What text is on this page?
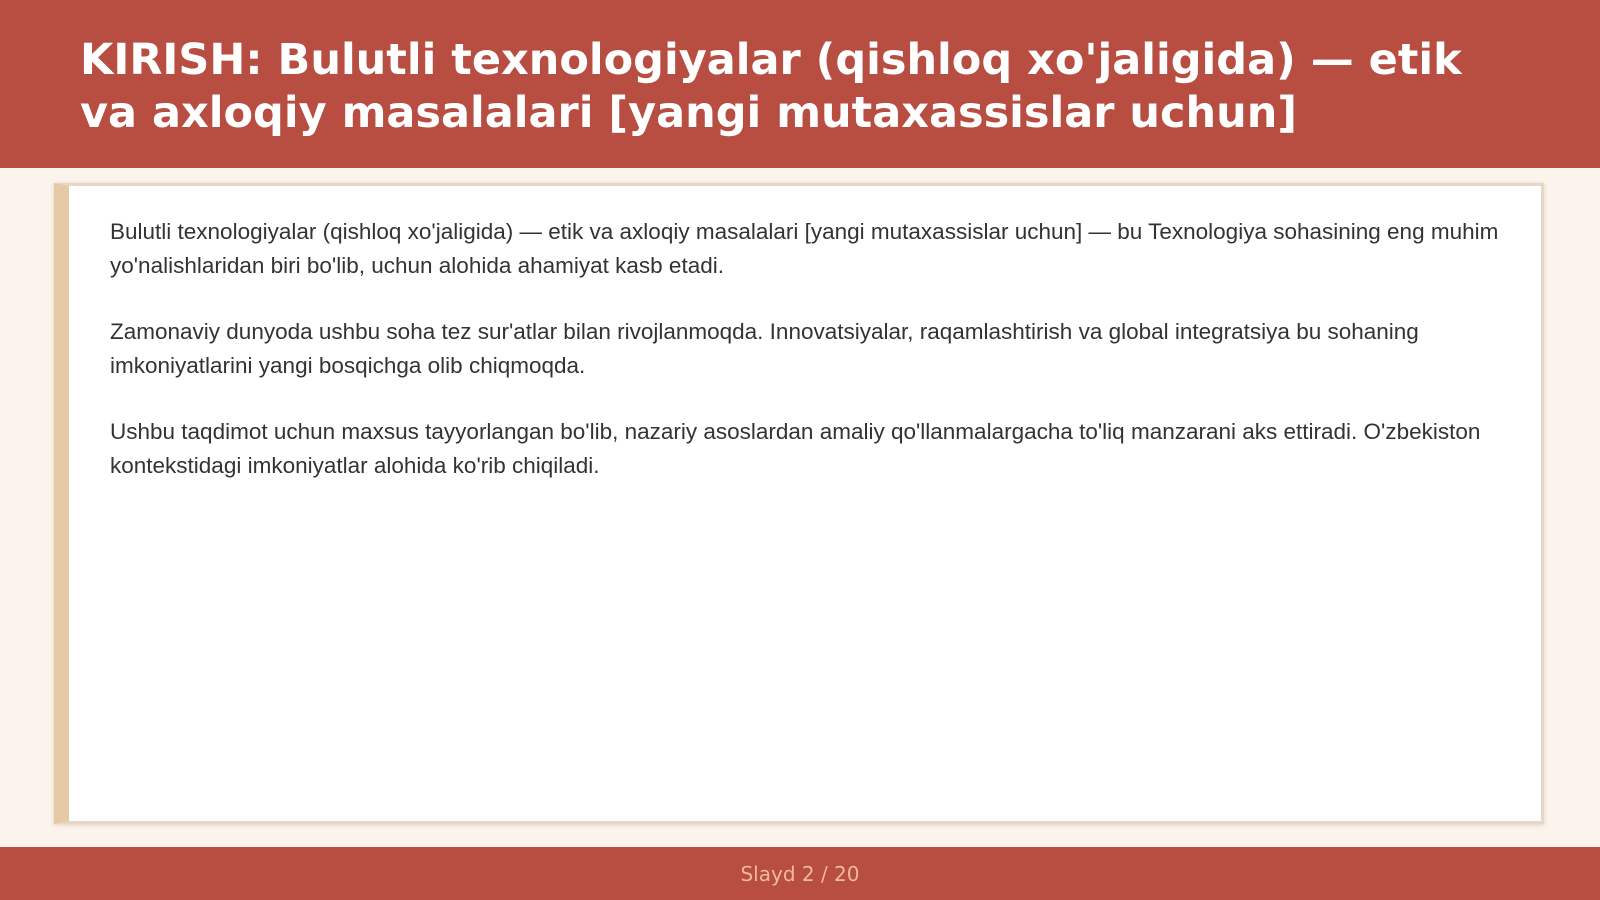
KIRISH: Bulutli texnologiyalar (qishloq xo'jaligida) — etik va axloqiy masalalari [yangi mutaxassislar uchun]

Bulutli texnologiyalar (qishloq xo'jaligida) — etik va axloqiy masalalari [yangi mutaxassislar uchun] — bu Texnologiya sohasining eng muhim yo'nalishlaridan biri bo'lib, uchun alohida ahamiyat kasb etadi.

Zamonaviy dunyoda ushbu soha tez sur'atlar bilan rivojlanmoqda. Innovatsiyalar, raqamlashtirish va global integratsiya bu sohaning imkoniyatlarini yangi bosqichga olib chiqmoqda.

Ushbu taqdimot uchun maxsus tayyorlangan bo'lib, nazariy asoslardan amaliy qo'llanmalargacha to'liq manzarani aks ettiradi. O'zbekiston kontekstidagi imkoniyatlar alohida ko'rib chiqiladi.

Slayd 2 / 20
